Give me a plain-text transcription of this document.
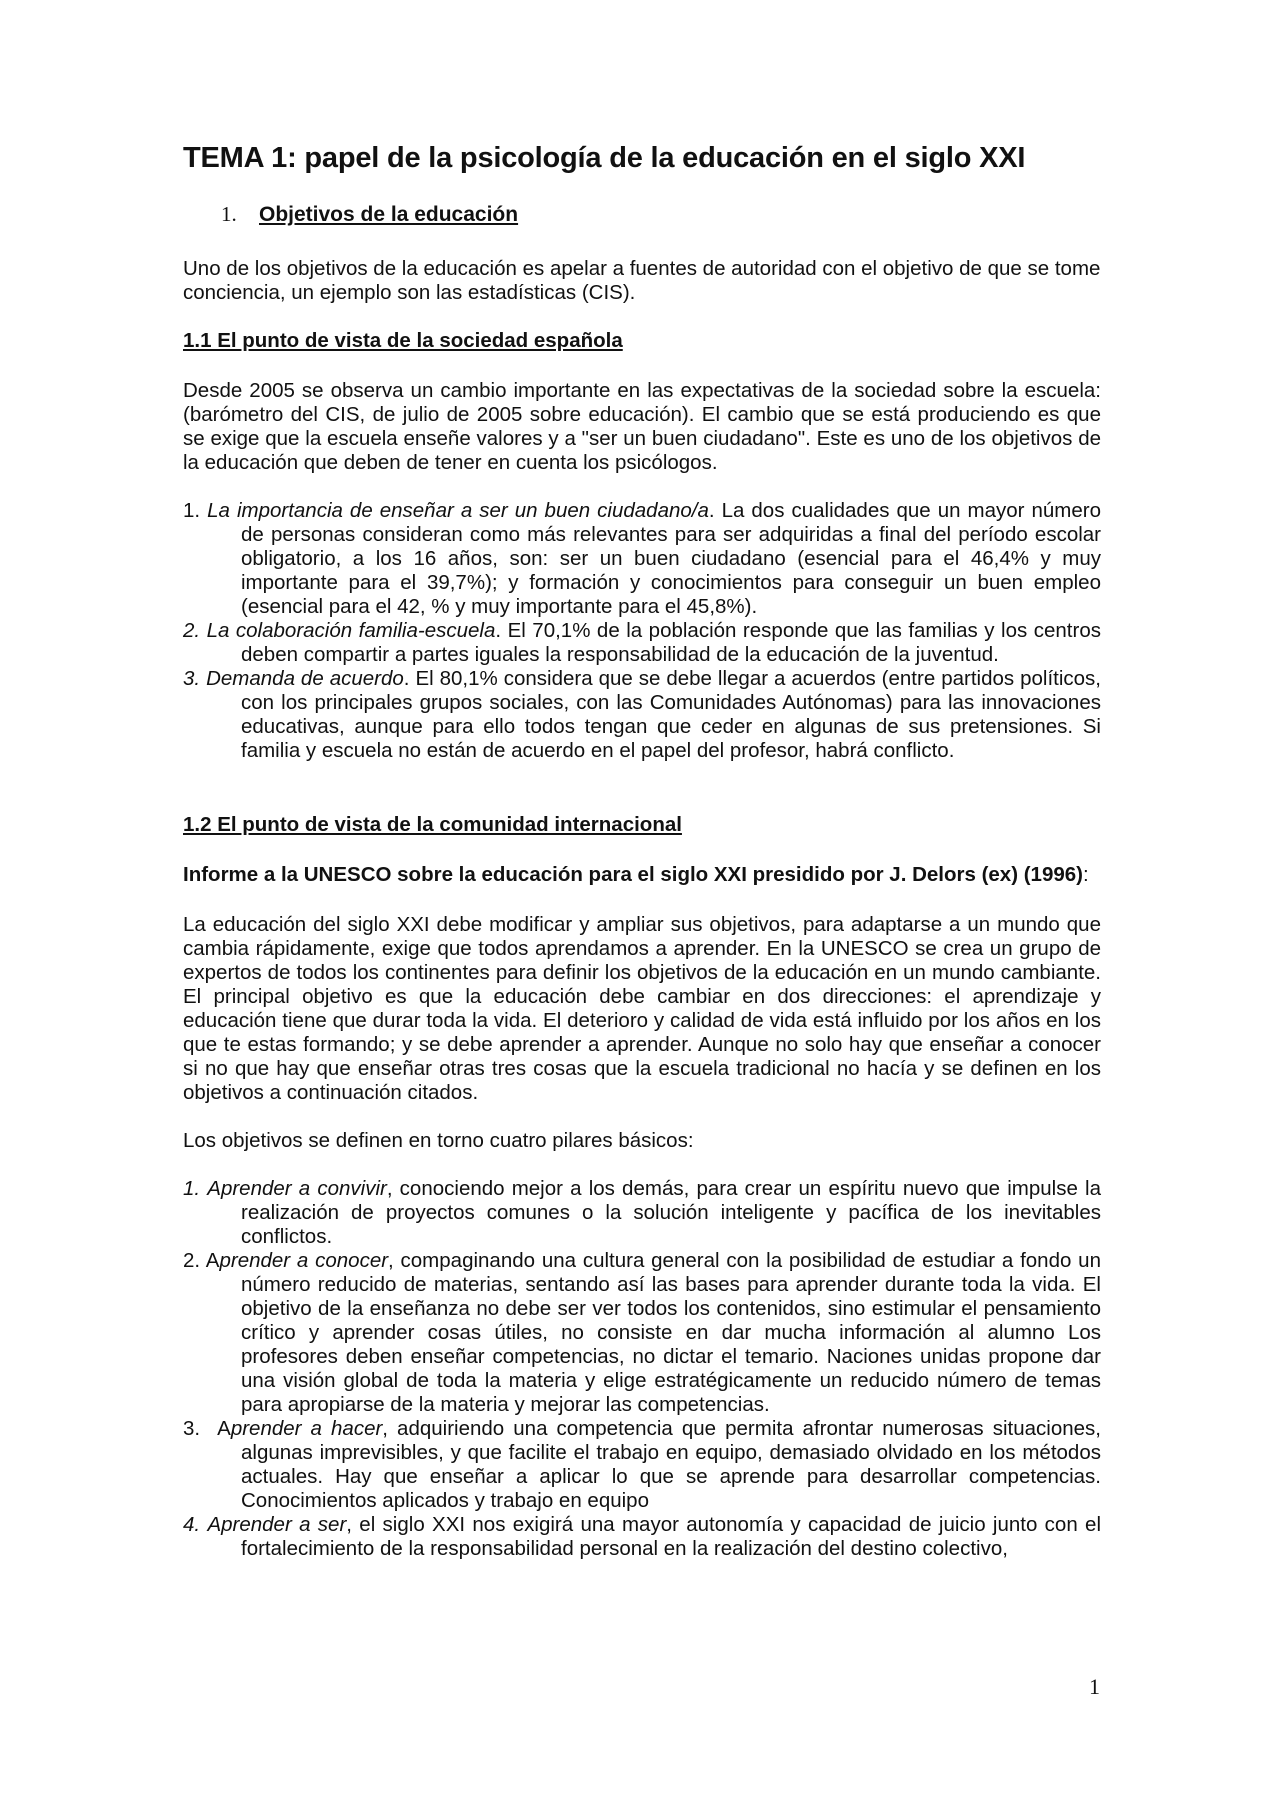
TEMA 1: papel de la psicología de la educación en el siglo XXI
1. Objetivos de la educación

Uno de los objetivos de la educación es apelar a fuentes de autoridad con el objetivo de que se tome conciencia, un ejemplo son las estadísticas (CIS).

1.1 El punto de vista de la sociedad española

Desde 2005 se observa un cambio importante en las expectativas de la sociedad sobre la escuela: (barómetro del CIS, de julio de 2005 sobre educación). El cambio que se está produciendo es que se exige que la escuela enseñe valores y a "ser un buen ciudadano". Este es uno de los objetivos de la educación que deben de tener en cuenta los psicólogos.

1. La importancia de enseñar a ser un buen ciudadano/a. La dos cualidades que un mayor número de personas consideran como más relevantes para ser adquiridas a final del período escolar obligatorio, a los 16 años, son: ser un buen ciudadano (esencial para el 46,4% y muy importante para el 39,7%); y formación y conocimientos para conseguir un buen empleo (esencial para el 42, % y muy importante para el 45,8%).
2. La colaboración familia-escuela. El 70,1% de la población responde que las familias y los centros deben compartir a partes iguales la responsabilidad de la educación de la juventud.
3. Demanda de acuerdo. El 80,1% considera que se debe llegar a acuerdos (entre partidos políticos, con los principales grupos sociales, con las Comunidades Autónomas) para las innovaciones educativas, aunque para ello todos tengan que ceder en algunas de sus pretensiones. Si familia y escuela no están de acuerdo en el papel del profesor, habrá conflicto.
1.2 El punto de vista de la comunidad internacional
Informe a la UNESCO sobre la educación para el siglo XXI presidido por J. Delors (ex) (1996):

La educación del siglo XXI debe modificar y ampliar sus objetivos, para adaptarse a un mundo que cambia rápidamente, exige que todos aprendamos a aprender. En la UNESCO se crea un grupo de expertos de todos los continentes para definir los objetivos de la educación en un mundo cambiante. El principal objetivo es que la educación debe cambiar en dos direcciones: el aprendizaje y educación tiene que durar toda la vida. El deterioro y calidad de vida está influido por los años en los que te estas formando; y se debe aprender a aprender. Aunque no solo hay que enseñar a conocer si no que hay que enseñar otras tres cosas que la escuela tradicional no hacía y se definen en los objetivos a continuación citados.

Los objetivos se definen en torno cuatro pilares básicos:

1. Aprender a convivir, conociendo mejor a los demás, para crear un espíritu nuevo que impulse la realización de proyectos comunes o la solución inteligente y pacífica de los inevitables conflictos.
2. Aprender a conocer, compaginando una cultura general con la posibilidad de estudiar a fondo un número reducido de materias, sentando así las bases para aprender durante toda la vida. El objetivo de la enseñanza no debe ser ver todos los contenidos, sino estimular el pensamiento crítico y aprender cosas útiles, no consiste en dar mucha información al alumno Los profesores deben enseñar competencias, no dictar el temario. Naciones unidas propone dar una visión global de toda la materia y elige estratégicamente un reducido número de temas para apropiarse de la materia y mejorar las competencias.
3. Aprender a hacer, adquiriendo una competencia que permita afrontar numerosas situaciones, algunas imprevisibles, y que facilite el trabajo en equipo, demasiado olvidado en los métodos actuales. Hay que enseñar a aplicar lo que se aprende para desarrollar competencias. Conocimientos aplicados y trabajo en equipo
4. Aprender a ser, el siglo XXI nos exigirá una mayor autonomía y capacidad de juicio junto con el fortalecimiento de la responsabilidad personal en la realización del destino colectivo,
1
